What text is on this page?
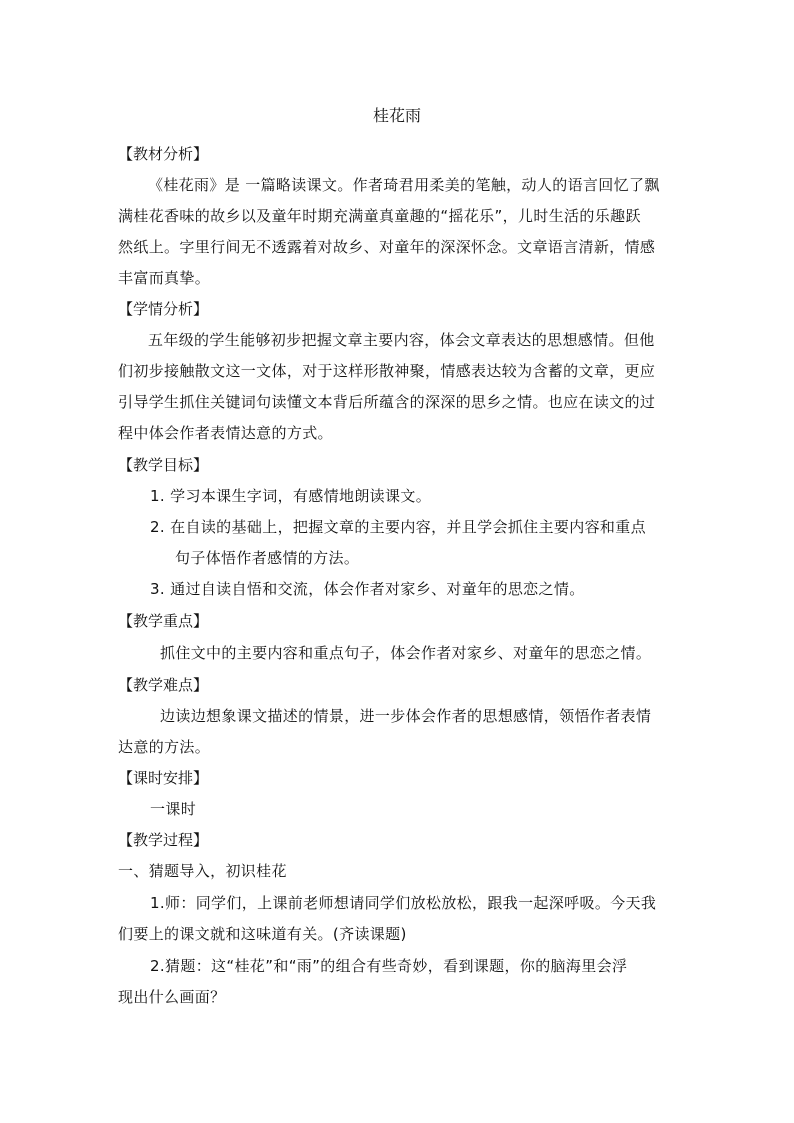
桂花雨
【教材分析】
《桂花雨》是 一篇略读课文。作者琦君用柔美的笔触，动人的语言回忆了飘
满桂花香味的故乡以及童年时期充满童真童趣的“摇花乐”，儿时生活的乐趣跃
然纸上。字里行间无不透露着对故乡、对童年的深深怀念。文章语言清新，情感
丰富而真挚。
【学情分析】
五年级的学生能够初步把握文章主要内容，体会文章表达的思想感情。但他
们初步接触散文这一文体，对于这样形散神聚，情感表达较为含蓄的文章，更应
引导学生抓住关键词句读懂文本背后所蕴含的深深的思乡之情。也应在读文的过
程中体会作者表情达意的方式。
【教学目标】
1. 学习本课生字词，有感情地朗读课文。
2. 在自读的基础上，把握文章的主要内容，并且学会抓住主要内容和重点
句子体悟作者感情的方法。
3. 通过自读自悟和交流，体会作者对家乡、对童年的思恋之情。
【教学重点】
抓住文中的主要内容和重点句子，体会作者对家乡、对童年的思恋之情。
【教学难点】
边读边想象课文描述的情景，进一步体会作者的思想感情，领悟作者表情
达意的方法。
【课时安排】
一课时
【教学过程】
一、猜题导入，初识桂花
1.师：同学们，上课前老师想请同学们放松放松，跟我一起深呼吸。今天我
们要上的课文就和这味道有关。(齐读课题)
2.猜题：这“桂花”和“雨”的组合有些奇妙，看到课题，你的脑海里会浮
现出什么画面？
